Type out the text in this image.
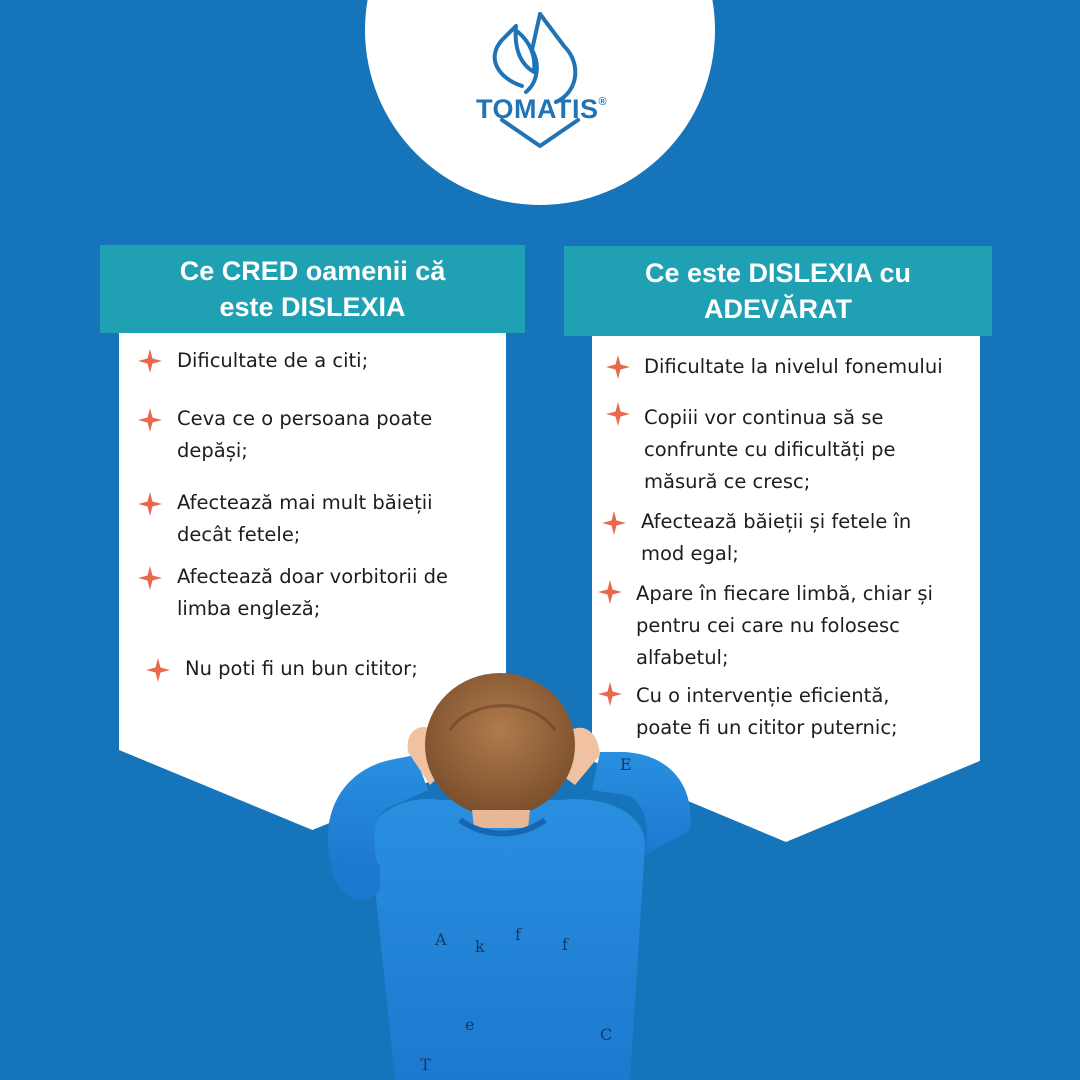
TOMATIS®
Ce CRED oamenii că
este DISLEXIA
Ce este DISLEXIA cu
ADEVĂRAT
Dificultate de a citi;
Ceva ce o persoana poate
depăși;
Afectează mai mult băieții
decât fetele;
Afectează doar vorbitorii de
limba engleză;
Nu poti fi un bun cititor;
Dificultate la nivelul fonemului
Copiii vor continua să se
confrunte cu dificultăți pe
măsură ce cresc;
Afectează băieții și fetele în
mod egal;
Apare în fiecare limbă, chiar și
pentru cei care nu folosesc
alfabetul;
Cu o intervenție eficientă,
poate fi un cititor puternic;
E
A k
f
f
e
C
T
